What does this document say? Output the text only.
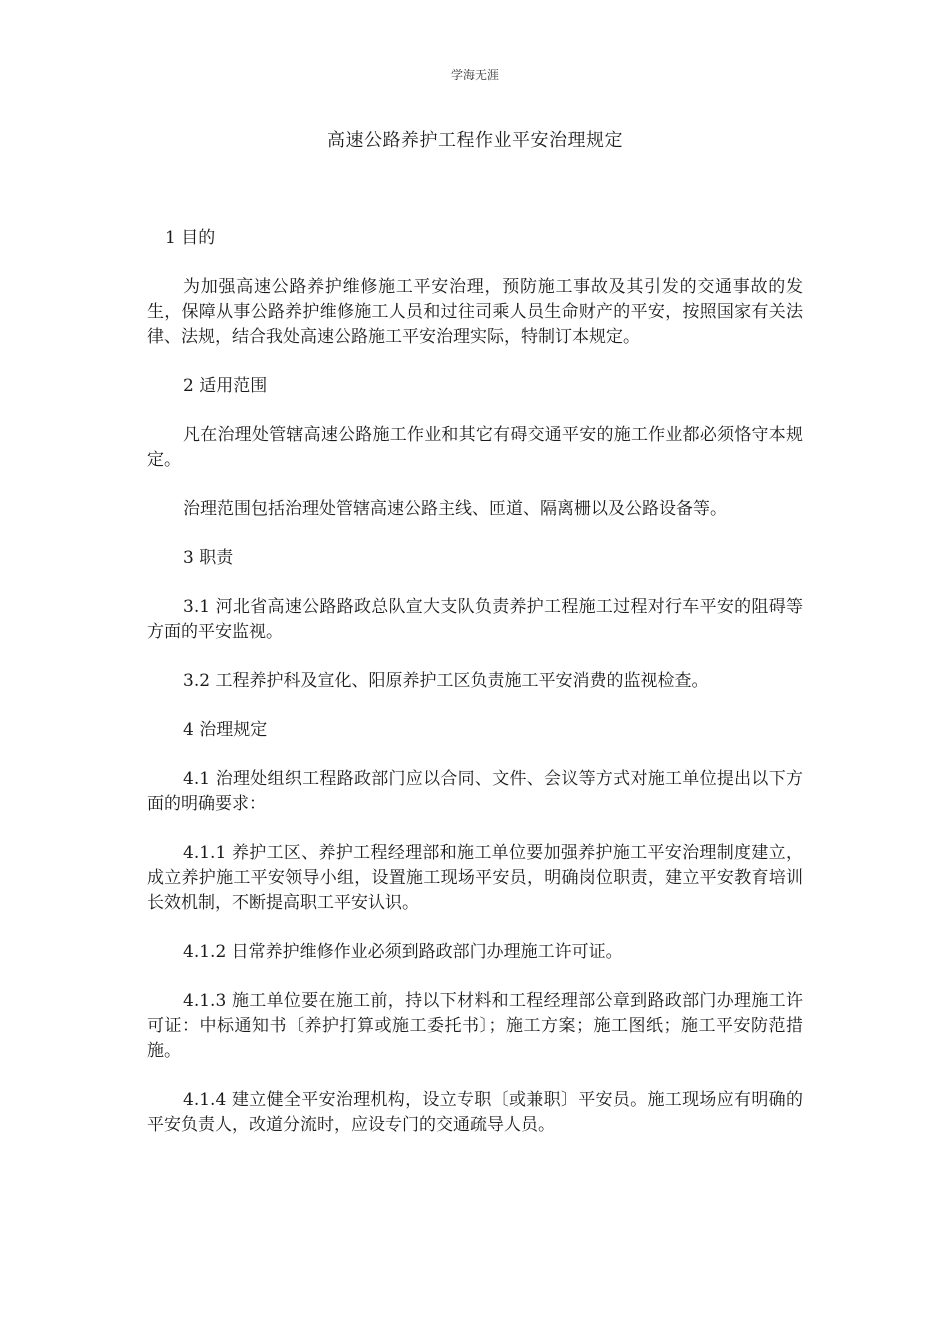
学海无涯
高速公路养护工程作业平安治理规定

1 目的

为加强高速公路养护维修施工平安治理，预防施工事故及其引发的交通事故的发生，保障从事公路养护维修施工人员和过往司乘人员生命财产的平安，按照国家有关法律、法规，结合我处高速公路施工平安治理实际，特制订本规定。

2 适用范围

凡在治理处管辖高速公路施工作业和其它有碍交通平安的施工作业都必须恪守本规定。

治理范围包括治理处管辖高速公路主线、匝道、隔离栅以及公路设备等。

3 职责

3.1 河北省高速公路路政总队宣大支队负责养护工程施工过程对行车平安的阻碍等方面的平安监视。

3.2 工程养护科及宣化、阳原养护工区负责施工平安消费的监视检查。

4 治理规定

4.1 治理处组织工程路政部门应以合同、文件、会议等方式对施工单位提出以下方面的明确要求：

4.1.1 养护工区、养护工程经理部和施工单位要加强养护施工平安治理制度建立，成立养护施工平安领导小组，设置施工现场平安员，明确岗位职责，建立平安教育培训长效机制，不断提高职工平安认识。

4.1.2 日常养护维修作业必须到路政部门办理施工许可证。

4.1.3 施工单位要在施工前，持以下材料和工程经理部公章到路政部门办理施工许可证：中标通知书〔养护打算或施工委托书〕；施工方案；施工图纸；施工平安防范措施。

4.1.4 建立健全平安治理机构，设立专职〔或兼职〕平安员。施工现场应有明确的平安负责人，改道分流时，应设专门的交通疏导人员。
